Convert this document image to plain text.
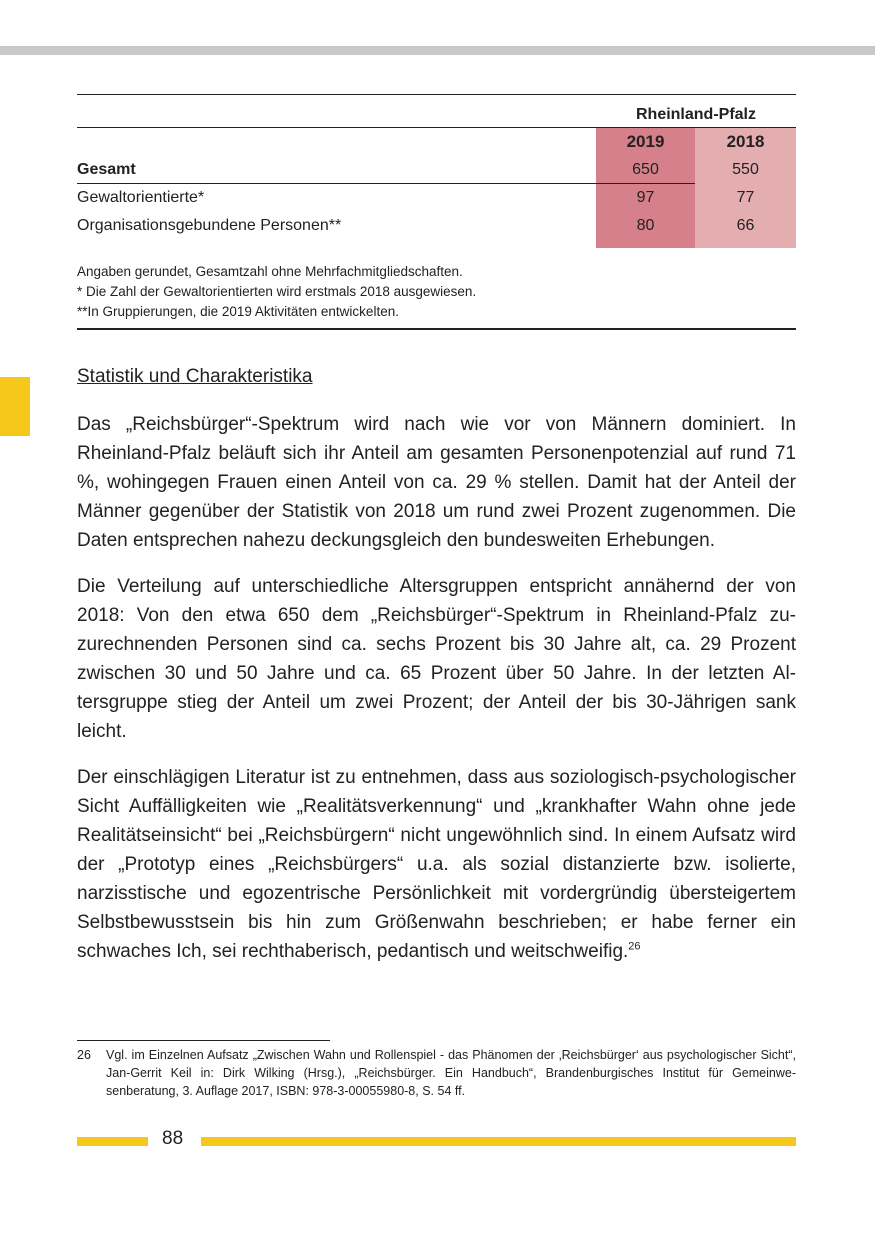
Rheinland-Pfalz
2019	2018
Gesamt	650	550
Gewaltorientierte*	97	77
Organisationsgebundene Personen**	80	66
Angaben gerundet, Gesamtzahl ohne Mehrfachmitgliedschaften.
* Die Zahl der Gewaltorientierten wird erstmals 2018 ausgewiesen.
**In Gruppierungen, die 2019 Aktivitäten entwickelten.
Statistik und Charakteristika

Das „Reichsbürger“-Spektrum wird nach wie vor von Männern dominiert. In Rheinland-Pfalz beläuft sich ihr Anteil am gesamten Personenpotenzial auf rund 71 %, wohingegen Frauen einen Anteil von ca. 29 % stellen. Damit hat der Anteil der Männer gegenüber der Statistik von 2018 um rund zwei Prozent zugenommen. Die Daten entsprechen nahezu deckungsgleich den bundesweiten Erhebungen.

Die Verteilung auf unterschiedliche Altersgruppen entspricht annähernd der von 2018: Von den etwa 650 dem „Reichsbürger“-Spektrum in Rheinland-Pfalz zuzurechnenden Personen sind ca. sechs Prozent bis 30 Jahre alt, ca. 29 Prozent zwischen 30 und 50 Jahre und ca. 65 Prozent über 50 Jahre. In der letzten Altersgruppe stieg der Anteil um zwei Prozent; der Anteil der bis 30-Jährigen sank leicht.

Der einschlägigen Literatur ist zu entnehmen, dass aus soziologisch-psychologischer Sicht Auffälligkeiten wie „Realitätsverkennung“ und „krankhafter Wahn ohne jede Realitätseinsicht“ bei „Reichsbürgern“ nicht ungewöhnlich sind. In einem Aufsatz wird der „Prototyp eines „Reichsbürgers“ u.a. als sozial distanzierte bzw. isolierte, narzisstische und egozentrische Persönlichkeit mit vordergründig übersteigertem Selbstbewusstsein bis hin zum Größenwahn beschrieben; er habe ferner ein schwaches Ich, sei rechthaberisch, pedantisch und weitschweifig.$^{26}$

26 Vgl. im Einzelnen Aufsatz „Zwischen Wahn und Rollenspiel - das Phänomen der ‚Reichsbürger‘ aus psychologischer Sicht“, Jan-Gerrit Keil in: Dirk Wilking (Hrsg.), „Reichsbürger. Ein Handbuch“, Brandenburgisches Institut für Gemeinwesenberatung, 3. Auflage 2017, ISBN: 978-3-00055980-8, S. 54 ff.
88
